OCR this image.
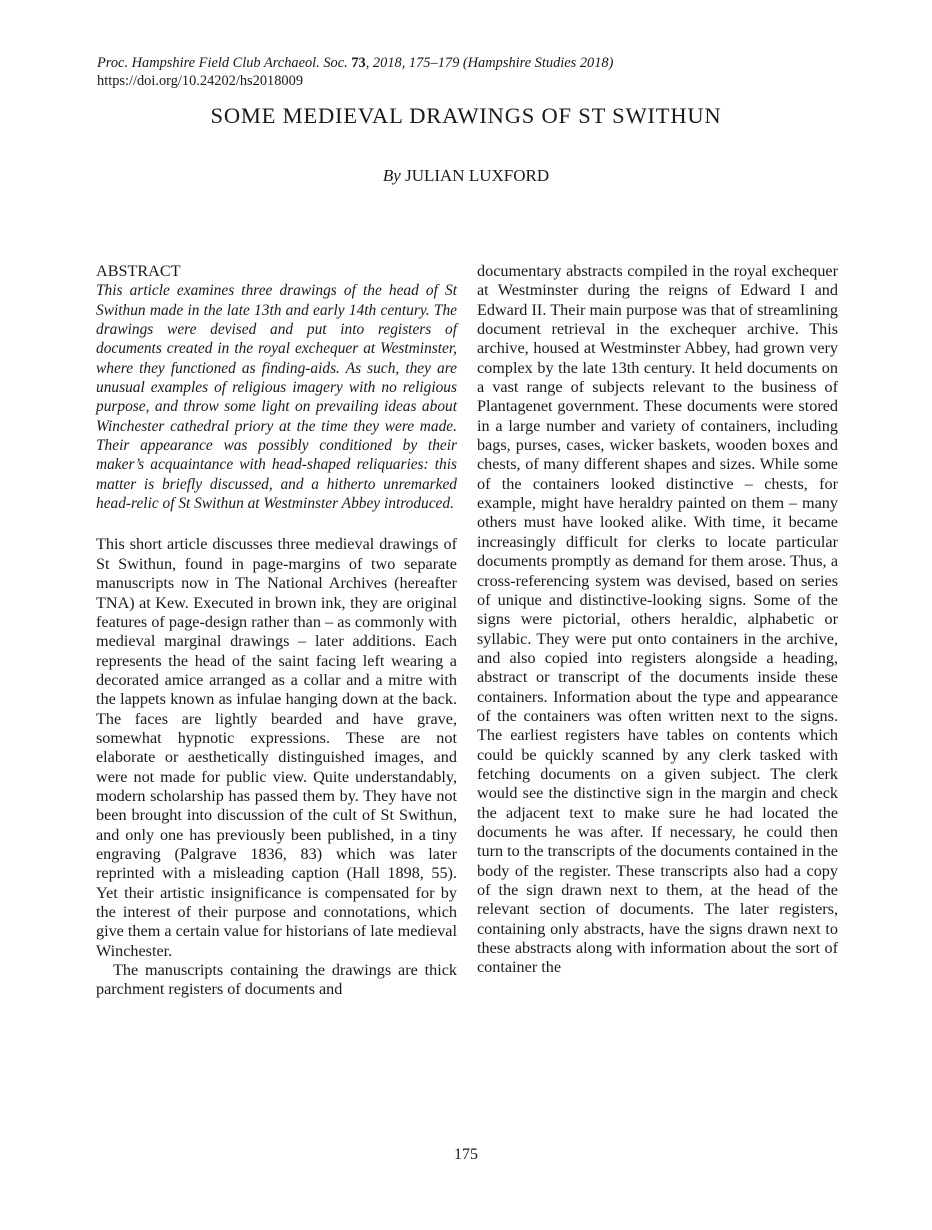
Proc. Hampshire Field Club Archaeol. Soc. 73, 2018, 175–179 (Hampshire Studies 2018)
https://doi.org/10.24202/hs2018009
SOME MEDIEVAL DRAWINGS OF ST SWITHUN
By JULIAN LUXFORD

ABSTRACT

This article examines three drawings of the head of St Swithun made in the late 13th and early 14th century. The drawings were devised and put into registers of documents created in the royal exchequer at Westminster, where they functioned as finding-aids. As such, they are unusual examples of religious imagery with no religious purpose, and throw some light on prevailing ideas about Winchester cathedral priory at the time they were made. Their appearance was possibly conditioned by their maker’s acquaintance with head-shaped reliquaries: this matter is briefly discussed, and a hitherto unremarked head-relic of St Swithun at Westminster Abbey introduced.

This short article discusses three medieval drawings of St Swithun, found in page-margins of two separate manuscripts now in The National Archives (hereafter TNA) at Kew. Executed in brown ink, they are original features of page-design rather than – as commonly with medieval marginal drawings – later additions. Each represents the head of the saint facing left wearing a decorated amice arranged as a collar and a mitre with the lappets known as infulae hanging down at the back. The faces are lightly bearded and have grave, somewhat hypnotic expressions. These are not elaborate or aesthetically distinguished images, and were not made for public view. Quite understandably, modern scholarship has passed them by. They have not been brought into discussion of the cult of St Swithun, and only one has previously been published, in a tiny engraving (Palgrave 1836, 83) which was later reprinted with a misleading caption (Hall 1898, 55). Yet their artistic insignificance is compensated for by the interest of their purpose and connotations, which give them a certain value for historians of late medieval Winchester.

The manuscripts containing the drawings are thick parchment registers of documents and

documentary abstracts compiled in the royal exchequer at Westminster during the reigns of Edward I and Edward II. Their main purpose was that of streamlining document retrieval in the exchequer archive. This archive, housed at Westminster Abbey, had grown very complex by the late 13th century. It held documents on a vast range of subjects relevant to the business of Plantagenet government. These documents were stored in a large number and variety of containers, including bags, purses, cases, wicker baskets, wooden boxes and chests, of many different shapes and sizes. While some of the containers looked distinctive – chests, for example, might have heraldry painted on them – many others must have looked alike. With time, it became increasingly difficult for clerks to locate particular documents promptly as demand for them arose. Thus, a cross-referencing system was devised, based on series of unique and distinctive-looking signs. Some of the signs were pictorial, others heraldic, alphabetic or syllabic. They were put onto containers in the archive, and also copied into registers alongside a heading, abstract or transcript of the documents inside these containers. Information about the type and appearance of the containers was often written next to the signs. The earliest registers have tables on contents which could be quickly scanned by any clerk tasked with fetching documents on a given subject. The clerk would see the distinctive sign in the margin and check the adjacent text to make sure he had located the documents he was after. If necessary, he could then turn to the transcripts of the documents contained in the body of the register. These transcripts also had a copy of the sign drawn next to them, at the head of the relevant section of documents. The later registers, containing only abstracts, have the signs drawn next to these abstracts along with information about the sort of container the

175
